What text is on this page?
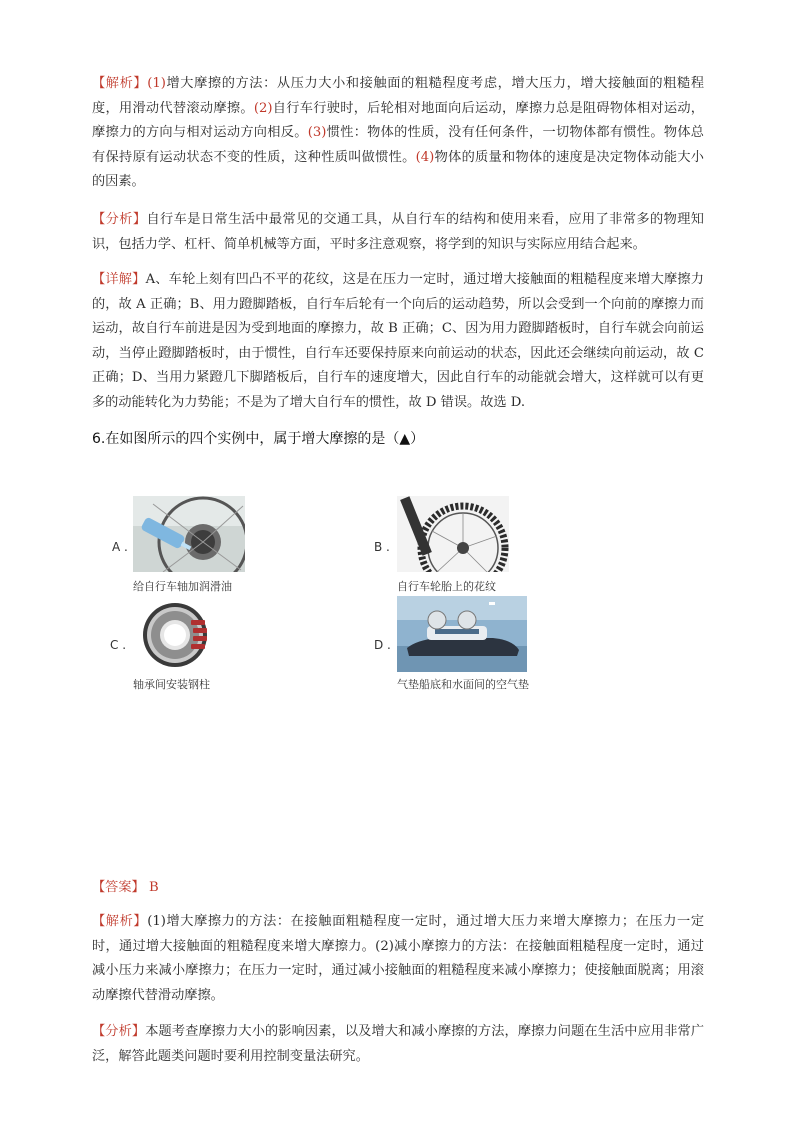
【解析】(1)增大摩擦的方法：从压力大小和接触面的粗糙程度考虑，增大压力，增大接触面的粗糙程度，用滑动代替滚动摩擦。(2)自行车行驶时，后轮相对地面向后运动，摩擦力总是阻碍物体相对运动，摩擦力的方向与相对运动方向相反。(3)惯性：物体的性质，没有任何条件，一切物体都有惯性。物体总有保持原有运动状态不变的性质，这种性质叫做惯性。(4)物体的质量和物体的速度是决定物体动能大小的因素。
【分析】自行车是日常生活中最常见的交通工具，从自行车的结构和使用来看，应用了非常多的物理知识，包括力学、杠杆、简单机械等方面，平时多注意观察，将学到的知识与实际应用结合起来。
【详解】A、车轮上刻有凹凸不平的花纹，这是在压力一定时，通过增大接触面的粗糙程度来增大摩擦力的，故 A 正确；B、用力蹬脚踏板，自行车后轮有一个向后的运动趋势，所以会受到一个向前的摩擦力而运动，故自行车前进是因为受到地面的摩擦力，故 B 正确；C、因为用力蹬脚踏板时，自行车就会向前运动，当停止蹬脚踏板时，由于惯性，自行车还要保持原来向前运动的状态，因此还会继续向前运动，故 C 正确；D、当用力紧蹬几下脚踏板后，自行车的速度增大，因此自行车的动能就会增大，这样就可以有更多的动能转化为力势能；不是为了增大自行车的惯性，故 D 错误。故选 D.
6.在如图所示的四个实例中，属于增大摩擦的是（▲）
A .
给自行车轴加润滑油
B .
自行车轮胎上的花纹
C .
轴承间安装钢柱
D .
气垫船底和水面间的空气垫
【答案】 B
【解析】(1)增大摩擦力的方法：在接触面粗糙程度一定时，通过增大压力来增大摩擦力；在压力一定时，通过增大接触面的粗糙程度来增大摩擦力。(2)减小摩擦力的方法：在接触面粗糙程度一定时，通过减小压力来减小摩擦力；在压力一定时，通过减小接触面的粗糙程度来减小摩擦力；使接触面脱离；用滚动摩擦代替滑动摩擦。
【分析】本题考查摩擦力大小的影响因素，以及增大和减小摩擦的方法，摩擦力问题在生活中应用非常广泛，解答此题类问题时要利用控制变量法研究。
